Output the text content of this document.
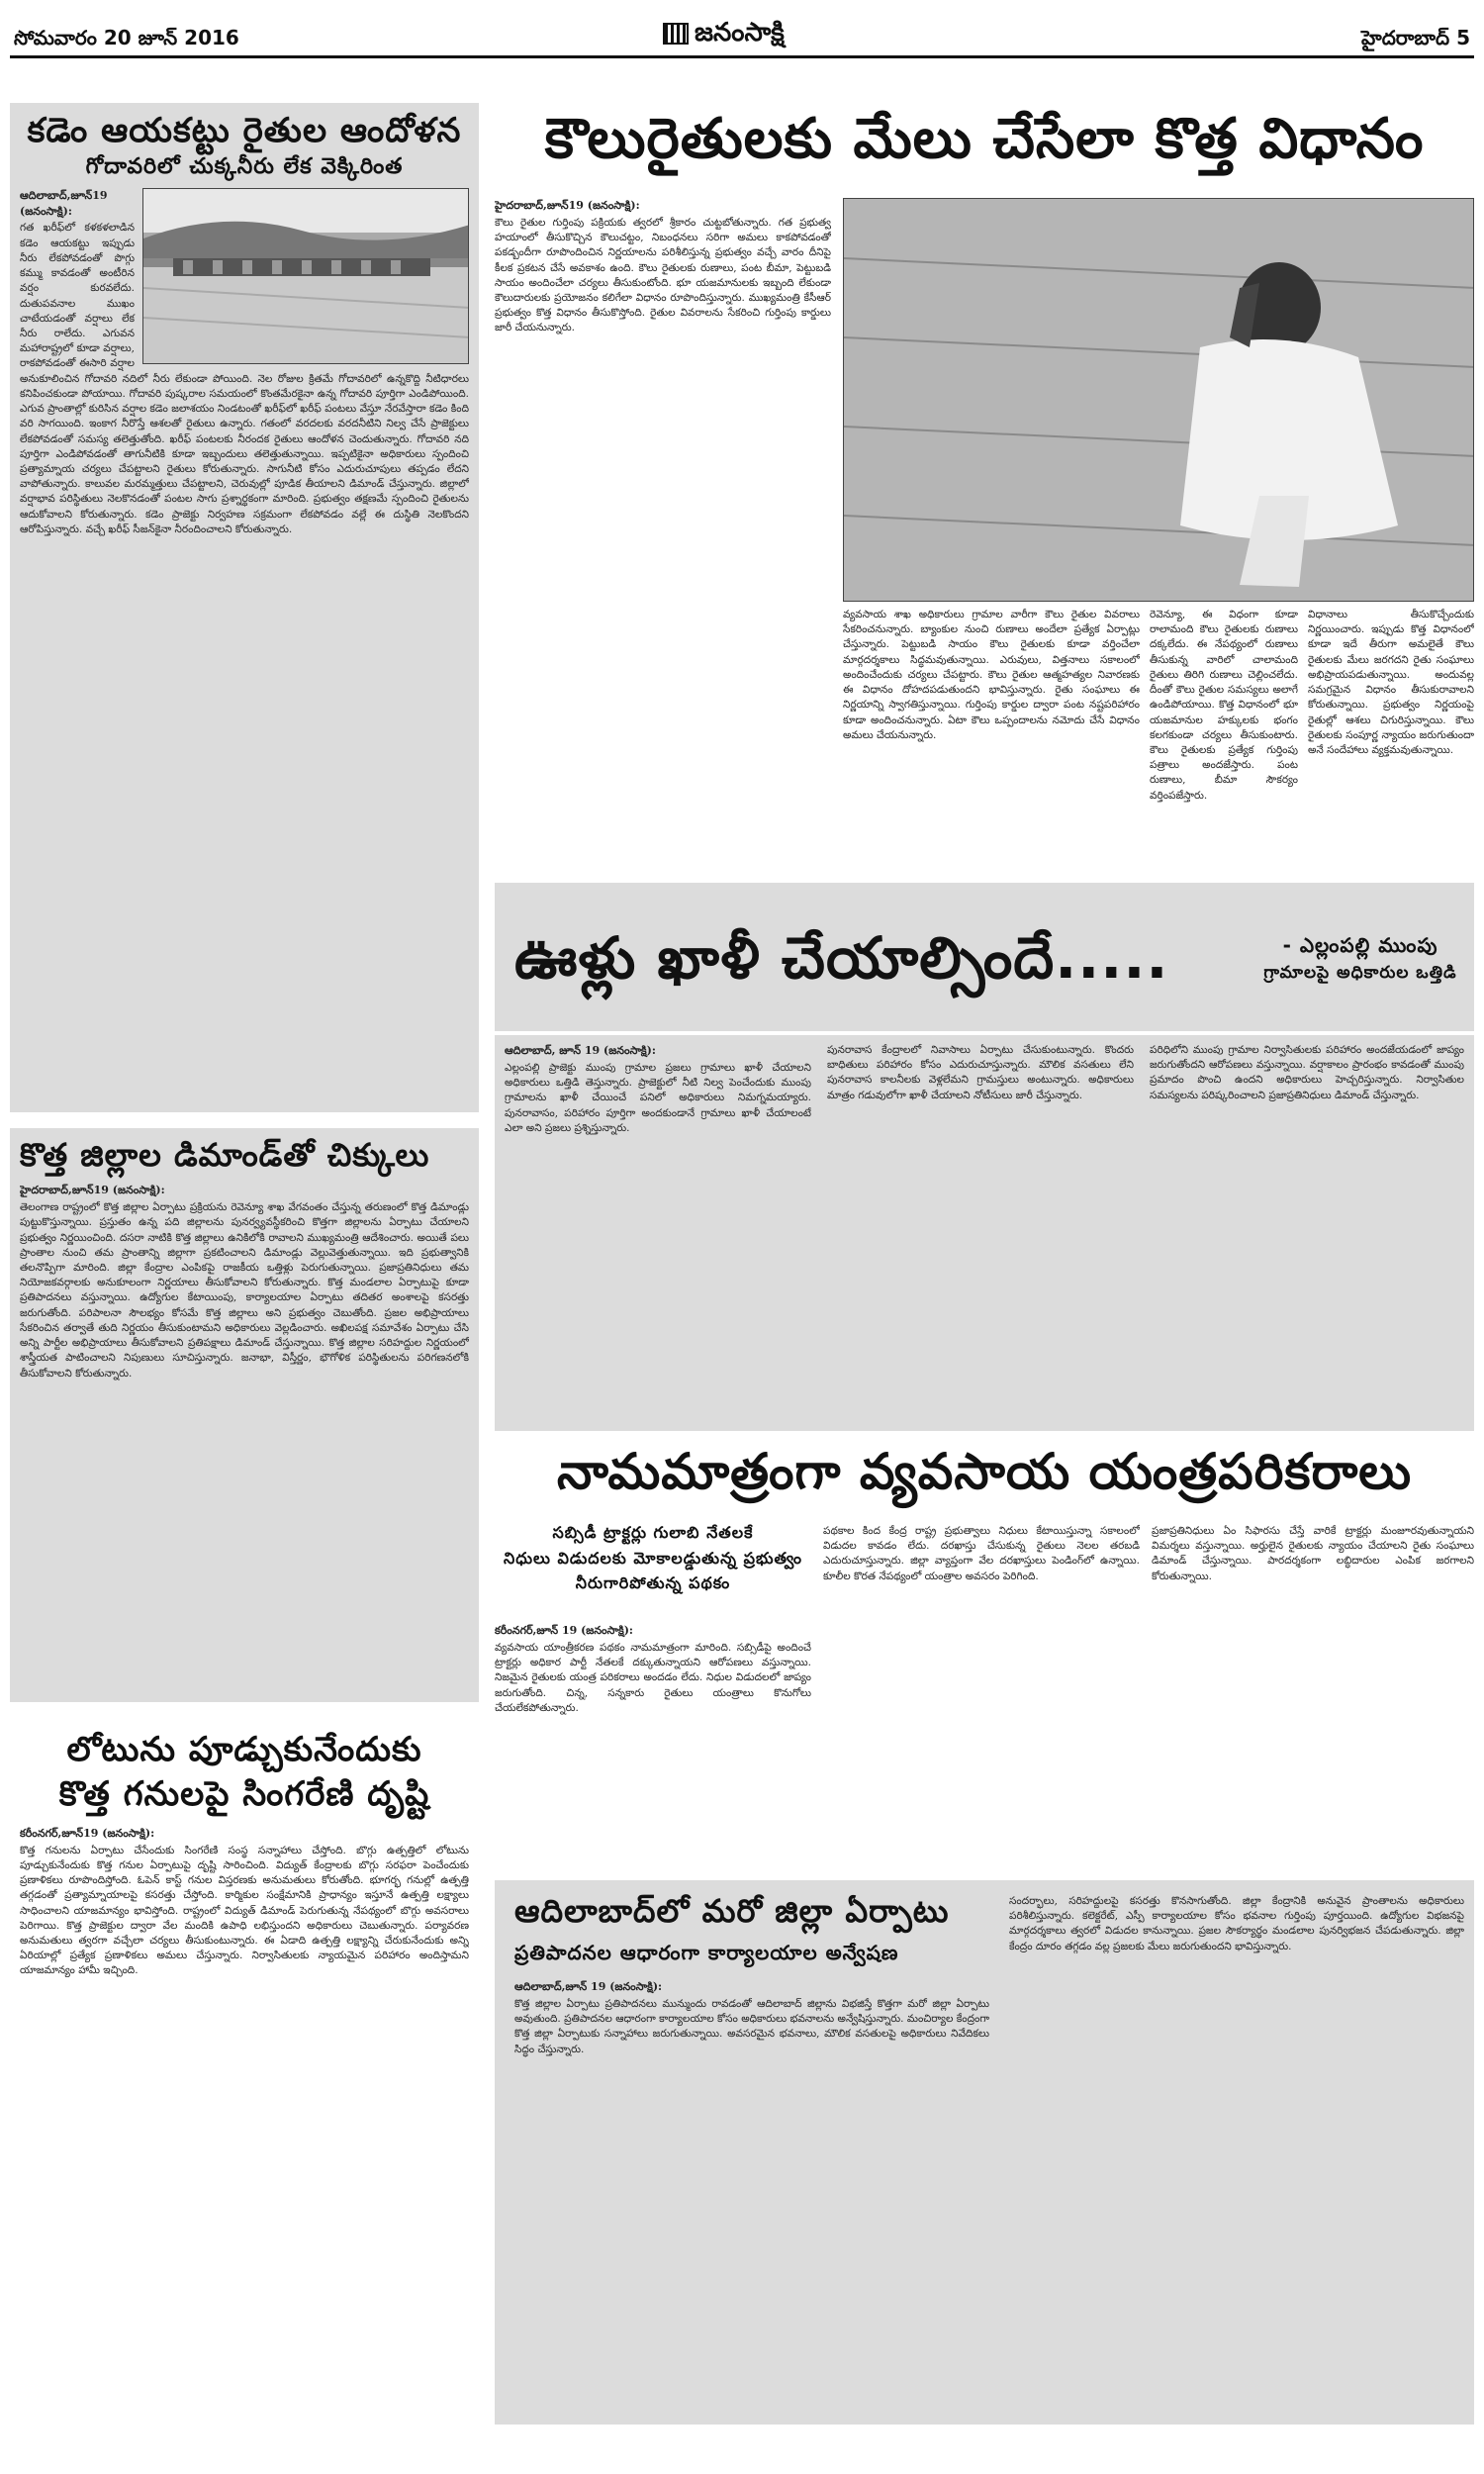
సోమవారం 20 జూన్ 2016	జనంసాక్షి	హైదరాబాద్ 5
కడెం ఆయకట్టు రైతుల ఆందోళన
గోదావరిలో చుక్కనీరు లేక వెక్కిరింత
ఆదిలాబాద్,జూన్19 (జనంసాక్షి):
గత ఖరీఫ్‌లో కళకళలాడిన కడెం ఆయకట్టు ఇప్పుడు నీరు లేకపోవడంతో పొగ్గు కమ్ము కావడంతో అంటీరిన వర్షం కురవలేదు. దుతుపవనాల ముఖం చాటేయడంతో వర్షాలు లేక నీరు రాలేదు. ఎగువన మహారాష్ట్రలో కూడా వర్షాలు, రాకపోవడంతో ఈసారి వర్షాల అనుకూలించిన గోదావరి నదిలో నీరు లేకుండా పోయింది. నెల రోజుల క్రితమే గోదావరిలో ఉన్నకొద్ది నీటిధారలు కనిపించకుండా పోయాయి. గోదావరి పుష్కరాల సమయంలో కొంతమేరకైనా ఉన్న గోదావరి పూర్తిగా ఎండిపోయింది. ఎగువ ప్రాంతాల్లో కురిసిన వర్షాల కడెం జలాశయం నిండటంతో ఖరీఫ్‌లో ఖరీఫ్ పంటలు వేస్తూ నేరవేస్తారా కడెం కింది వరి సాగయింది. ఇంకాగ నీరొస్తే ఆశలతో రైతులు ఉన్నారు. గతంలో వరదలకు వరదనీటిని నిల్వ చేసే ప్రాజెక్టులు లేకపోవడంతో సమస్య తలెత్తుతోంది. ఖరీఫ్ పంటలకు నీరందక రైతులు ఆందోళన చెందుతున్నారు. గోదావరి నది పూర్తిగా ఎండిపోవడంతో తాగునీటికి కూడా ఇబ్బందులు తలెత్తుతున్నాయి. ఇప్పటికైనా అధికారులు స్పందించి ప్రత్యామ్నాయ చర్యలు చేపట్టాలని రైతులు కోరుతున్నారు. సాగునీటి కోసం ఎదురుచూపులు తప్పడం లేదని వాపోతున్నారు. కాలువల మరమ్మత్తులు చేపట్టాలని, చెరువుల్లో పూడిక తీయాలని డిమాండ్ చేస్తున్నారు. జిల్లాలో వర్షాభావ పరిస్థితులు నెలకొనడంతో పంటల సాగు ప్రశ్నార్థకంగా మారింది. ప్రభుత్వం తక్షణమే స్పందించి రైతులను ఆదుకోవాలని కోరుతున్నారు. కడెం ప్రాజెక్టు నిర్వహణ సక్రమంగా లేకపోవడం వల్లే ఈ దుస్థితి నెలకొందని ఆరోపిస్తున్నారు. వచ్చే ఖరీఫ్ సీజన్‌కైనా నీరందించాలని కోరుతున్నారు.
కౌలురైతులకు మేలు చేసేలా కొత్త విధానం
హైదరాబాద్,జూన్19 (జనంసాక్షి):
కౌలు రైతుల గుర్తింపు పక్రియకు త్వరలో శ్రీకారం చుట్టబోతున్నారు. గత ప్రభుత్వ హయాంలో తీసుకొచ్చిన కౌలుచట్టం, నిబంధనలు సరిగా అమలు కాకపోవడంతో పకడ్బందీగా రూపొందించిన నిర్ణయాలను పరిశీలిస్తున్న ప్రభుత్వం వచ్చే వారం దీనిపై కీలక ప్రకటన చేసే అవకాశం ఉంది. కౌలు రైతులకు రుణాలు, పంట బీమా, పెట్టుబడి సాయం అందించేలా చర్యలు తీసుకుంటోంది. భూ యజమానులకు ఇబ్బంది లేకుండా కౌలుదారులకు ప్రయోజనం కలిగేలా విధానం రూపొందిస్తున్నారు. ముఖ్యమంత్రి కేసీఆర్ ప్రభుత్వం కొత్త విధానం తీసుకొస్తోంది. రైతుల వివరాలను సేకరించి గుర్తింపు కార్డులు జారీ చేయనున్నారు.
వ్యవసాయ శాఖ అధికారులు గ్రామాల వారీగా కౌలు రైతుల వివరాలు సేకరించనున్నారు. బ్యాంకుల నుంచి రుణాలు అందేలా ప్రత్యేక ఏర్పాట్లు చేస్తున్నారు. పెట్టుబడి సాయం కౌలు రైతులకు కూడా వర్తించేలా మార్గదర్శకాలు సిద్ధమవుతున్నాయి. ఎరువులు, విత్తనాలు సకాలంలో అందించేందుకు చర్యలు చేపట్టారు. కౌలు రైతుల ఆత్మహత్యల నివారణకు ఈ విధానం దోహదపడుతుందని భావిస్తున్నారు. రైతు సంఘాలు ఈ నిర్ణయాన్ని స్వాగతిస్తున్నాయి. గుర్తింపు కార్డుల ద్వారా పంట నష్టపరిహారం కూడా అందించనున్నారు. ఏటా కౌలు ఒప్పందాలను నమోదు చేసే విధానం అమలు చేయనున్నారు.
రెవెన్యూ, ఈ విధంగా కూడా రాలామంది కౌలు రైతులకు రుణాలు దక్కలేదు. ఈ నేపథ్యంలో రుణాలు తీసుకున్న వారిలో చాలామంది రైతులు తిరిగి రుణాలు చెల్లించలేదు. దీంతో కౌలు రైతుల సమస్యలు అలాగే ఉండిపోయాయి. కొత్త విధానంలో భూ యజమానుల హక్కులకు భంగం కలగకుండా చర్యలు తీసుకుంటారు. కౌలు రైతులకు ప్రత్యేక గుర్తింపు పత్రాలు అందజేస్తారు. పంట రుణాలు, బీమా సౌకర్యం వర్తింపజేస్తారు.
విధానాలు తీసుకొచ్చేందుకు నిర్ణయించారు. ఇప్పుడు కొత్త విధానంలో కూడా ఇదే తీరుగా అమలైతే కౌలు రైతులకు మేలు జరగదని రైతు సంఘాలు అభిప్రాయపడుతున్నాయి. అందువల్ల సమగ్రమైన విధానం తీసుకురావాలని కోరుతున్నాయి. ప్రభుత్వం నిర్ణయంపై రైతుల్లో ఆశలు చిగురిస్తున్నాయి. కౌలు రైతులకు సంపూర్ణ న్యాయం జరుగుతుందా అనే సందేహాలు వ్యక్తమవుతున్నాయి.
ఊళ్లు ఖాళీ చేయాల్సిందే.....	- ఎల్లంపల్లి ముంపు
గ్రామాలపై అధికారుల ఒత్తిడి
ఆదిలాబాద్, జూన్ 19 (జనంసాక్షి):
ఎల్లంపల్లి ప్రాజెక్టు ముంపు గ్రామాల ప్రజలు గ్రామాలు ఖాళీ చేయాలని అధికారులు ఒత్తిడి తెస్తున్నారు. ప్రాజెక్టులో నీటి నిల్వ పెంచేందుకు ముంపు గ్రామాలను ఖాళీ చేయించే పనిలో అధికారులు నిమగ్నమయ్యారు. పునరావాసం, పరిహారం పూర్తిగా అందకుండానే గ్రామాలు ఖాళీ చేయాలంటే ఎలా అని ప్రజలు ప్రశ్నిస్తున్నారు.
పునరావాస కేంద్రాలలో నివాసాలు ఏర్పాటు చేసుకుంటున్నారు. కొందరు బాధితులు పరిహారం కోసం ఎదురుచూస్తున్నారు. మౌలిక వసతులు లేని పునరావాస కాలనీలకు వెళ్లలేమని గ్రామస్తులు అంటున్నారు. అధికారులు మాత్రం గడువులోగా ఖాళీ చేయాలని నోటీసులు జారీ చేస్తున్నారు.
పరిధిలోని ముంపు గ్రామాల నిర్వాసితులకు పరిహారం అందజేయడంలో జాప్యం జరుగుతోందని ఆరోపణలు వస్తున్నాయి. వర్షాకాలం ప్రారంభం కావడంతో ముంపు ప్రమాదం పొంచి ఉందని అధికారులు హెచ్చరిస్తున్నారు. నిర్వాసితుల సమస్యలను పరిష్కరించాలని ప్రజాప్రతినిధులు డిమాండ్ చేస్తున్నారు.
కొత్త జిల్లాల డిమాండ్‌తో చిక్కులు
హైదరాబాద్,జూన్19 (జనంసాక్షి):
తెలంగాణ రాష్ట్రంలో కొత్త జిల్లాల ఏర్పాటు ప్రక్రియను రెవెన్యూ శాఖ వేగవంతం చేస్తున్న తరుణంలో కొత్త డిమాండ్లు పుట్టుకొస్తున్నాయి. ప్రస్తుతం ఉన్న పది జిల్లాలను పునర్వ్యవస్థీకరించి కొత్తగా జిల్లాలను ఏర్పాటు చేయాలని ప్రభుత్వం నిర్ణయించింది. దసరా నాటికి కొత్త జిల్లాలు ఉనికిలోకి రావాలని ముఖ్యమంత్రి ఆదేశించారు. అయితే పలు ప్రాంతాల నుంచి తమ ప్రాంతాన్ని జిల్లాగా ప్రకటించాలని డిమాండ్లు వెల్లువెత్తుతున్నాయి. ఇది ప్రభుత్వానికి తలనొప్పిగా మారింది. జిల్లా కేంద్రాల ఎంపికపై రాజకీయ ఒత్తిళ్లు పెరుగుతున్నాయి. ప్రజాప్రతినిధులు తమ నియోజకవర్గాలకు అనుకూలంగా నిర్ణయాలు తీసుకోవాలని కోరుతున్నారు. కొత్త మండలాల ఏర్పాటుపై కూడా ప్రతిపాదనలు వస్తున్నాయి. ఉద్యోగుల కేటాయింపు, కార్యాలయాల ఏర్పాటు తదితర అంశాలపై కసరత్తు జరుగుతోంది. పరిపాలనా సౌలభ్యం కోసమే కొత్త జిల్లాలు అని ప్రభుత్వం చెబుతోంది. ప్రజల అభిప్రాయాలు సేకరించిన తర్వాతే తుది నిర్ణయం తీసుకుంటామని అధికారులు వెల్లడించారు. అఖిలపక్ష సమావేశం ఏర్పాటు చేసి అన్ని పార్టీల అభిప్రాయాలు తీసుకోవాలని ప్రతిపక్షాలు డిమాండ్ చేస్తున్నాయి. కొత్త జిల్లాల సరిహద్దుల నిర్ణయంలో శాస్త్రీయత పాటించాలని నిపుణులు సూచిస్తున్నారు. జనాభా, విస్తీర్ణం, భౌగోళిక పరిస్థితులను పరిగణనలోకి తీసుకోవాలని కోరుతున్నారు.
లోటును పూడ్చుకునేందుకు
కొత్త గనులపై సింగరేణి దృష్టి
కరీంనగర్,జూన్19 (జనంసాక్షి):
కొత్త గనులను ఏర్పాటు చేసేందుకు సింగరేణి సంస్థ సన్నాహాలు చేస్తోంది. బొగ్గు ఉత్పత్తిలో లోటును పూడ్చుకునేందుకు కొత్త గనుల ఏర్పాటుపై దృష్టి సారించింది. విద్యుత్ కేంద్రాలకు బొగ్గు సరఫరా పెంచేందుకు ప్రణాళికలు రూపొందిస్తోంది. ఓపెన్ కాస్ట్ గనుల విస్తరణకు అనుమతులు కోరుతోంది. భూగర్భ గనుల్లో ఉత్పత్తి తగ్గడంతో ప్రత్యామ్నాయాలపై కసరత్తు చేస్తోంది. కార్మికుల సంక్షేమానికి ప్రాధాన్యం ఇస్తూనే ఉత్పత్తి లక్ష్యాలు సాధించాలని యాజమాన్యం భావిస్తోంది. రాష్ట్రంలో విద్యుత్ డిమాండ్ పెరుగుతున్న నేపథ్యంలో బొగ్గు అవసరాలు పెరిగాయి. కొత్త ప్రాజెక్టుల ద్వారా వేల మందికి ఉపాధి లభిస్తుందని అధికారులు చెబుతున్నారు. పర్యావరణ అనుమతులు త్వరగా వచ్చేలా చర్యలు తీసుకుంటున్నారు. ఈ ఏడాది ఉత్పత్తి లక్ష్యాన్ని చేరుకునేందుకు అన్ని ఏరియాల్లో ప్రత్యేక ప్రణాళికలు అమలు చేస్తున్నారు. నిర్వాసితులకు న్యాయమైన పరిహారం అందిస్తామని యాజమాన్యం హామీ ఇచ్చింది.
నామమాత్రంగా వ్యవసాయ యంత్రపరికరాలు
సబ్సిడీ ట్రాక్టర్లు గులాబి నేతలకే
నిధులు విడుదలకు మోకాలడ్డుతున్న ప్రభుత్వం
నీరుగారిపోతున్న పథకం
కరీంనగర్,జూన్ 19 (జనంసాక్షి):
వ్యవసాయ యాంత్రీకరణ పథకం నామమాత్రంగా మారింది. సబ్సిడీపై అందించే ట్రాక్టర్లు అధికార పార్టీ నేతలకే దక్కుతున్నాయని ఆరోపణలు వస్తున్నాయి. నిజమైన రైతులకు యంత్ర పరికరాలు అందడం లేదు. నిధుల విడుదలలో జాప్యం జరుగుతోంది. చిన్న, సన్నకారు రైతులు యంత్రాలు కొనుగోలు చేయలేకపోతున్నారు.
పథకాల కింద కేంద్ర రాష్ట్ర ప్రభుత్వాలు నిధులు కేటాయిస్తున్నా సకాలంలో విడుదల కావడం లేదు. దరఖాస్తు చేసుకున్న రైతులు నెలల తరబడి ఎదురుచూస్తున్నారు. జిల్లా వ్యాప్తంగా వేల దరఖాస్తులు పెండింగ్‌లో ఉన్నాయి. కూలీల కొరత నేపథ్యంలో యంత్రాల అవసరం పెరిగింది.
ప్రజాప్రతినిధులు ఏం సిఫారసు చేస్తే వారికే ట్రాక్టర్లు మంజూరవుతున్నాయని విమర్శలు వస్తున్నాయి. అర్హులైన రైతులకు న్యాయం చేయాలని రైతు సంఘాలు డిమాండ్ చేస్తున్నాయి. పారదర్శకంగా లబ్ధిదారుల ఎంపిక జరగాలని కోరుతున్నాయి.
ఆదిలాబాద్‌లో మరో జిల్లా ఏర్పాటు
ప్రతిపాదనల ఆధారంగా కార్యాలయాల అన్వేషణ
ఆదిలాబాద్,జూన్ 19 (జనంసాక్షి):
కొత్త జిల్లాల ఏర్పాటు ప్రతిపాదనలు మున్ముందు రావడంతో ఆదిలాబాద్ జిల్లాను విభజిస్తే కొత్తగా మరో జిల్లా ఏర్పాటు అవుతుంది. ప్రతిపాదనల ఆధారంగా కార్యాలయాల కోసం అధికారులు భవనాలను అన్వేషిస్తున్నారు. మంచిర్యాల కేంద్రంగా కొత్త జిల్లా ఏర్పాటుకు సన్నాహాలు జరుగుతున్నాయి. అవసరమైన భవనాలు, మౌలిక వసతులపై అధికారులు నివేదికలు సిద్ధం చేస్తున్నారు.
సందర్భాలు, సరిహద్దులపై కసరత్తు కొనసాగుతోంది. జిల్లా కేంద్రానికి అనువైన ప్రాంతాలను అధికారులు పరిశీలిస్తున్నారు. కలెక్టరేట్, ఎస్పీ కార్యాలయాల కోసం భవనాల గుర్తింపు పూర్తయింది. ఉద్యోగుల విభజనపై మార్గదర్శకాలు త్వరలో విడుదల కానున్నాయి. ప్రజల సౌకర్యార్థం మండలాల పునర్విభజన చేపడుతున్నారు. జిల్లా కేంద్రం దూరం తగ్గడం వల్ల ప్రజలకు మేలు జరుగుతుందని భావిస్తున్నారు.
